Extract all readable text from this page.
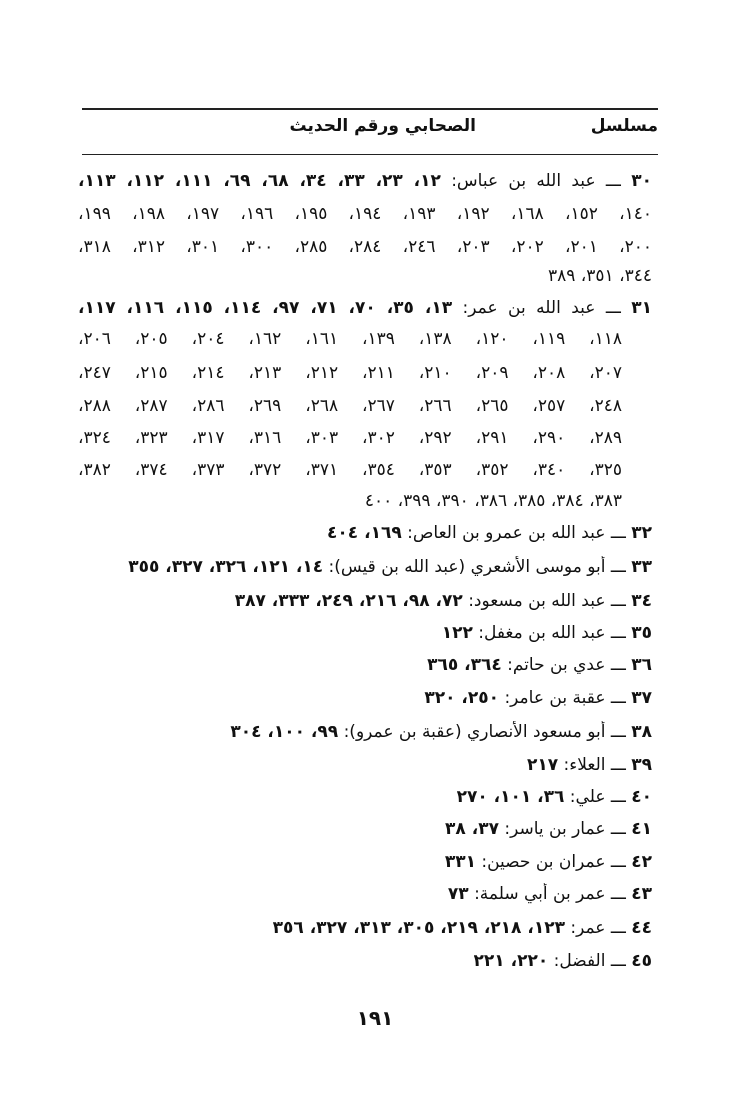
مسلسل
الصحابي ورقم الحديث
٣٠ ـــ عبد الله بن عباس: ١٢، ٢٣، ٣٣، ٣٤، ٦٨، ٦٩، ١١١، ١١٢، ١١٣،
١٤٠، ١٥٢، ١٦٨، ١٩٢، ١٩٣، ١٩٤، ١٩٥، ١٩٦، ١٩٧، ١٩٨، ١٩٩،
٢٠٠، ٢٠١، ٢٠٢، ٢٠٣، ٢٤٦، ٢٨٤، ٢٨٥، ٣٠٠، ٣٠١، ٣١٢، ٣١٨،
٣٤٤، ٣٥١، ٣٨٩
٣١ ـــ عبد الله بن عمر: ١٣، ٣٥، ٧٠، ٧١، ٩٧، ١١٤، ١١٥، ١١٦، ١١٧،
١١٨، ١١٩، ١٢٠، ١٣٨، ١٣٩، ١٦١، ١٦٢، ٢٠٤، ٢٠٥، ٢٠٦،
٢٠٧، ٢٠٨، ٢٠٩، ٢١٠، ٢١١، ٢١٢، ٢١٣، ٢١٤، ٢١٥، ٢٤٧،
٢٤٨، ٢٥٧، ٢٦٥، ٢٦٦، ٢٦٧، ٢٦٨، ٢٦٩، ٢٨٦، ٢٨٧، ٢٨٨،
٢٨٩، ٢٩٠، ٢٩١، ٢٩٢، ٣٠٢، ٣٠٣، ٣١٦، ٣١٧، ٣٢٣، ٣٢٤،
٣٢٥، ٣٤٠، ٣٥٢، ٣٥٣، ٣٥٤، ٣٧١، ٣٧٢، ٣٧٣، ٣٧٤، ٣٨٢،
٣٨٣، ٣٨٤، ٣٨٥، ٣٨٦، ٣٩٠، ٣٩٩، ٤٠٠
٣٢ ـــ عبد الله بن عمرو بن العاص: ١٦٩، ٤٠٤
٣٣ ـــ أبو موسى الأشعري (عبد الله بن قيس): ١٤، ١٢١، ٣٢٦، ٣٢٧، ٣٥٥
٣٤ ـــ عبد الله بن مسعود: ٧٢، ٩٨، ٢١٦، ٢٤٩، ٣٣٣، ٣٨٧
٣٥ ـــ عبد الله بن مغفل: ١٢٢
٣٦ ـــ عدي بن حاتم: ٣٦٤، ٣٦٥
٣٧ ـــ عقبة بن عامر: ٢٥٠، ٣٢٠
٣٨ ـــ أبو مسعود الأنصاري (عقبة بن عمرو): ٩٩، ١٠٠، ٣٠٤
٣٩ ـــ العلاء: ٢١٧
٤٠ ـــ علي: ٣٦، ١٠١، ٢٧٠
٤١ ـــ عمار بن ياسر: ٣٧، ٣٨
٤٢ ـــ عمران بن حصين: ٣٣١
٤٣ ـــ عمر بن أبي سلمة: ٧٣
٤٤ ـــ عمر: ١٢٣، ٢١٨، ٢١٩، ٣٠٥، ٣١٣، ٣٢٧، ٣٥٦
٤٥ ـــ الفضل: ٢٢٠، ٢٢١
١٩١
